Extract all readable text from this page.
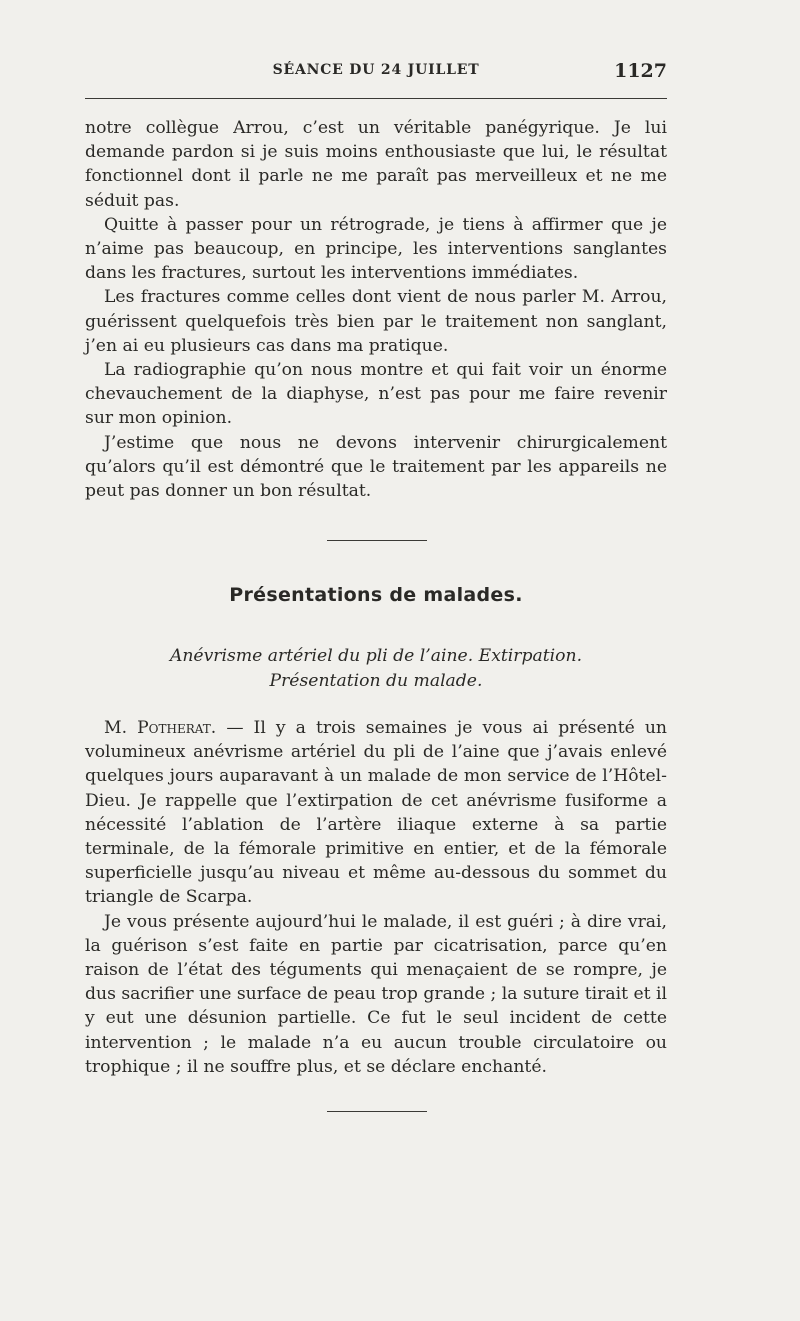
SÉANCE DU 24 JUILLET	1127

notre collègue Arrou, c’est un véritable panégyrique. Je lui demande pardon si je suis moins enthousiaste que lui, le résultat fonctionnel dont il parle ne me paraît pas merveilleux et ne me séduit pas.

Quitte à passer pour un rétrograde, je tiens à affirmer que je n’aime pas beaucoup, en principe, les interventions sanglantes dans les fractures, surtout les interventions immédiates.

Les fractures comme celles dont vient de nous parler M. Arrou, guérissent quelquefois très bien par le traitement non sanglant, j’en ai eu plusieurs cas dans ma pratique.

La radiographie qu’on nous montre et qui fait voir un énorme chevauchement de la diaphyse, n’est pas pour me faire revenir sur mon opinion.

J’estime que nous ne devons intervenir chirurgicalement qu’alors qu’il est démontré que le traitement par les appareils ne peut pas donner un bon résultat.

Présentations de malades.
Anévrisme artériel du pli de l’aine. Extirpation.
Présentation du malade.

M. Potherat. — Il y a trois semaines je vous ai présenté un volumineux anévrisme artériel du pli de l’aine que j’avais enlevé quelques jours auparavant à un malade de mon service de l’Hôtel-Dieu. Je rappelle que l’extirpation de cet anévrisme fusiforme a nécessité l’ablation de l’artère iliaque externe à sa partie terminale, de la fémorale primitive en entier, et de la fémorale superficielle jusqu’au niveau et même au-dessous du sommet du triangle de Scarpa.

Je vous présente aujourd’hui le malade, il est guéri ; à dire vrai, la guérison s’est faite en partie par cicatrisation, parce qu’en raison de l’état des téguments qui menaçaient de se rompre, je dus sacrifier une surface de peau trop grande ; la suture tirait et il y eut une désunion partielle. Ce fut le seul incident de cette intervention ; le malade n’a eu aucun trouble circulatoire ou trophique ; il ne souffre plus, et se déclare enchanté.
